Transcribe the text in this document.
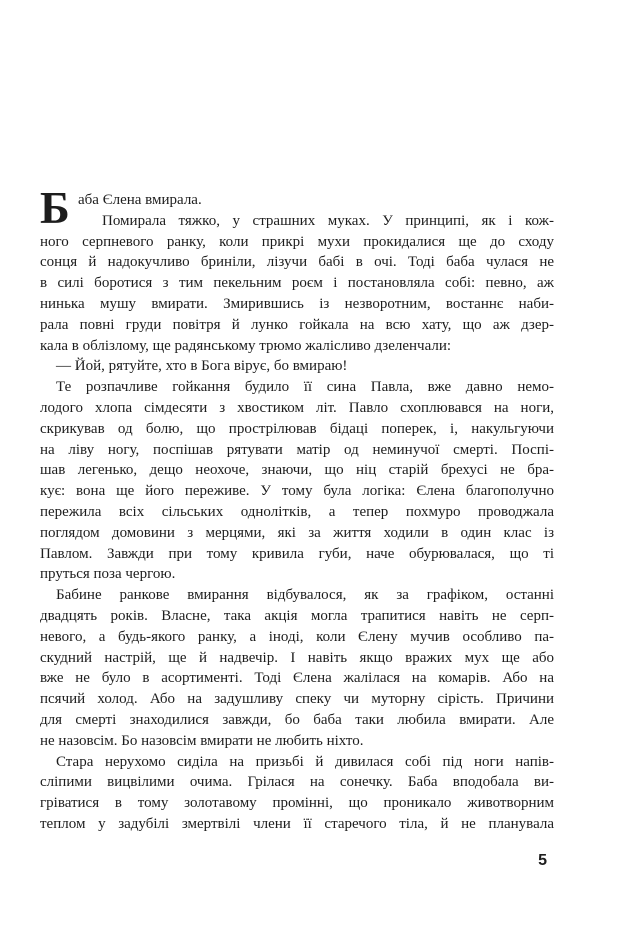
Б аба Єлена вмирала.
Помирала тяжко, у страшних муках. У принципі, як і кож-
ного серпневого ранку, коли прикрі мухи прокидалися ще до сходу
сонця й надокучливо бриніли, лізучи бабі в очі. Тоді баба чулася не
в силі боротися з тим пекельним роєм і постановляла собі: певно, аж
нинька мушу вмирати. Змирившись із незворотним, востаннє наби-
рала повні груди повітря й лунко гойкала на всю хату, що аж дзер-
кала в облізлому, ще радянському трюмо жалісливо дзеленчали:
— Йой, рятуйте, хто в Бога вірує, бо вмираю!
Те розпачливе гойкання будило її сина Павла, вже давно немо-
лодого хлопа сімдесяти з хвостиком літ. Павло схоплювався на ноги,
скрикував од болю, що прострілював бідаці поперек, і, накульгуючи
на ліву ногу, поспішав рятувати матір од неминучої смерті. Поспі-
шав легенько, дещо неохоче, знаючи, що ніц старій брехусі не бра-
кує: вона ще його переживе. У тому була логіка: Єлена благополучно
пережила всіх сільських однолітків, а тепер похмуро проводжала
поглядом домовини з мерцями, які за життя ходили в один клас із
Павлом. Завжди при тому кривила губи, наче обурювалася, що ті
пруться поза чергою.
Бабине ранкове вмирання відбувалося, як за графіком, останні
двадцять років. Власне, така акція могла трапитися навіть не серп-
невого, а будь-якого ранку, а іноді, коли Єлену мучив особливо па-
скудний настрій, ще й надвечір. І навіть якщо вражих мух ще або
вже не було в асортименті. Тоді Єлена жалілася на комарів. Або на
псячий холод. Або на задушливу спеку чи муторну сірість. Причини
для смерті знаходилися завжди, бо баба таки любила вмирати. Але
не назовсім. Бо назовсім вмирати не любить ніхто.
Стара нерухомо сиділа на призьбі й дивилася собі під ноги напів-
сліпими вицвілими очима. Грілася на сонечку. Баба вподобала ви-
гріватися в тому золотавому промінні, що проникало животворним
теплом у задубілі змертвілі члени її старечого тіла, й не планувала
5
